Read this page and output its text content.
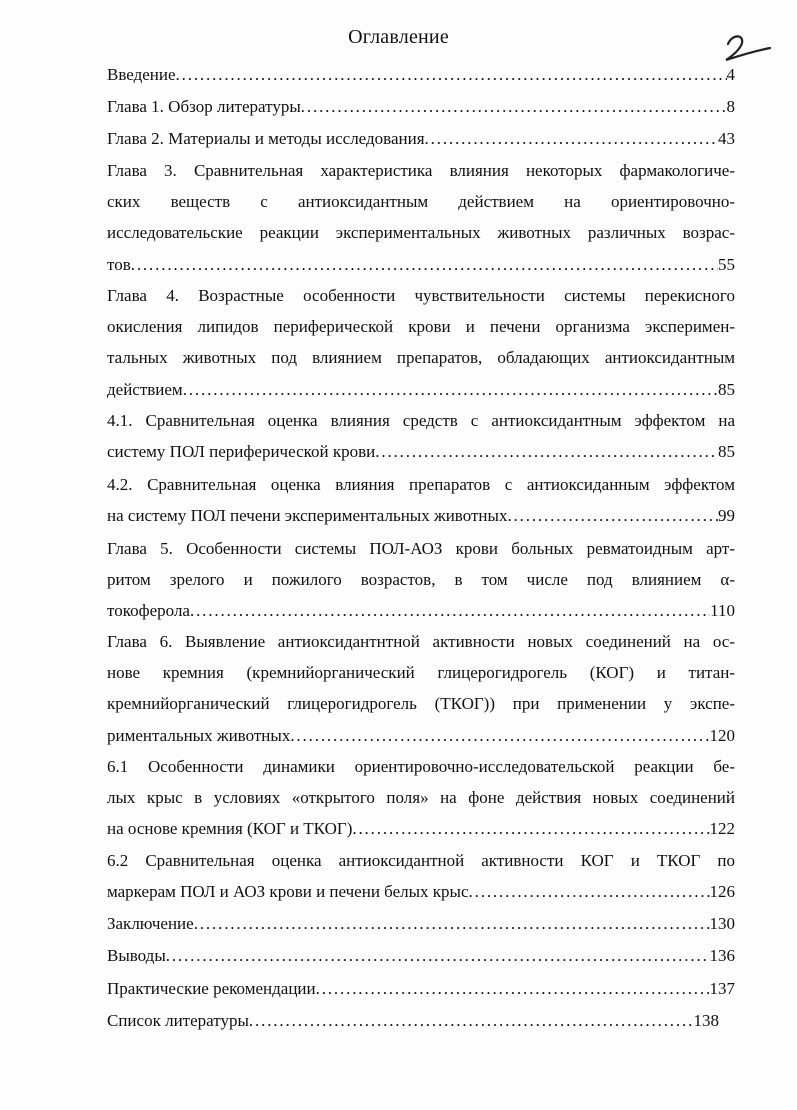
Оглавление
Введение . . .	4
Глава 1. Обзор литературы . . .	8
Глава 2. Материалы и методы исследования . . .	43
Глава 3. Сравнительная характеристика влияния некоторых фармакологиче-
ских веществ с антиоксидантным действием на ориентировочно-
исследовательские реакции экспериментальных животных различных возрас-
тов . . .	55
Глава 4. Возрастные особенности чувствительности системы перекисного
окисления липидов периферической крови и печени организма эксперимен-
тальных животных под влиянием препаратов, обладающих антиоксидантным
действием . . .	85
4.1. Сравнительная оценка влияния средств с антиоксидантным эффектом на
систему ПОЛ периферической крови . . .	85
4.2. Сравнительная оценка влияния препаратов с антиоксиданным эффектом
на систему ПОЛ печени экспериментальных животных . . .	99
Глава 5. Особенности системы ПОЛ-АОЗ крови больных ревматоидным арт-
ритом зрелого и пожилого возрастов, в том числе под влиянием α-
токоферола . . .	110
Глава 6. Выявление антиоксидантнтной активности новых соединений на ос-
нове кремния (кремнийорганический глицерогидрогель (КОГ) и титан-
кремнийорганический глицерогидрогель (ТКОГ)) при применении у экспе-
риментальных животных . . .	120
6.1 Особенности динамики ориентировочно-исследовательской реакции бе-
лых крыс в условиях «открытого поля» на фоне действия новых соединений
на основе кремния (КОГ и ТКОГ) . . .	122
6.2 Сравнительная оценка антиоксидантной активности КОГ и ТКОГ по
маркерам ПОЛ и АОЗ крови и печени белых крыс . . .	126
Заключение . . .	130
Выводы . . .	136
Практические рекомендации . . .	137
Список литературы . . .	138
